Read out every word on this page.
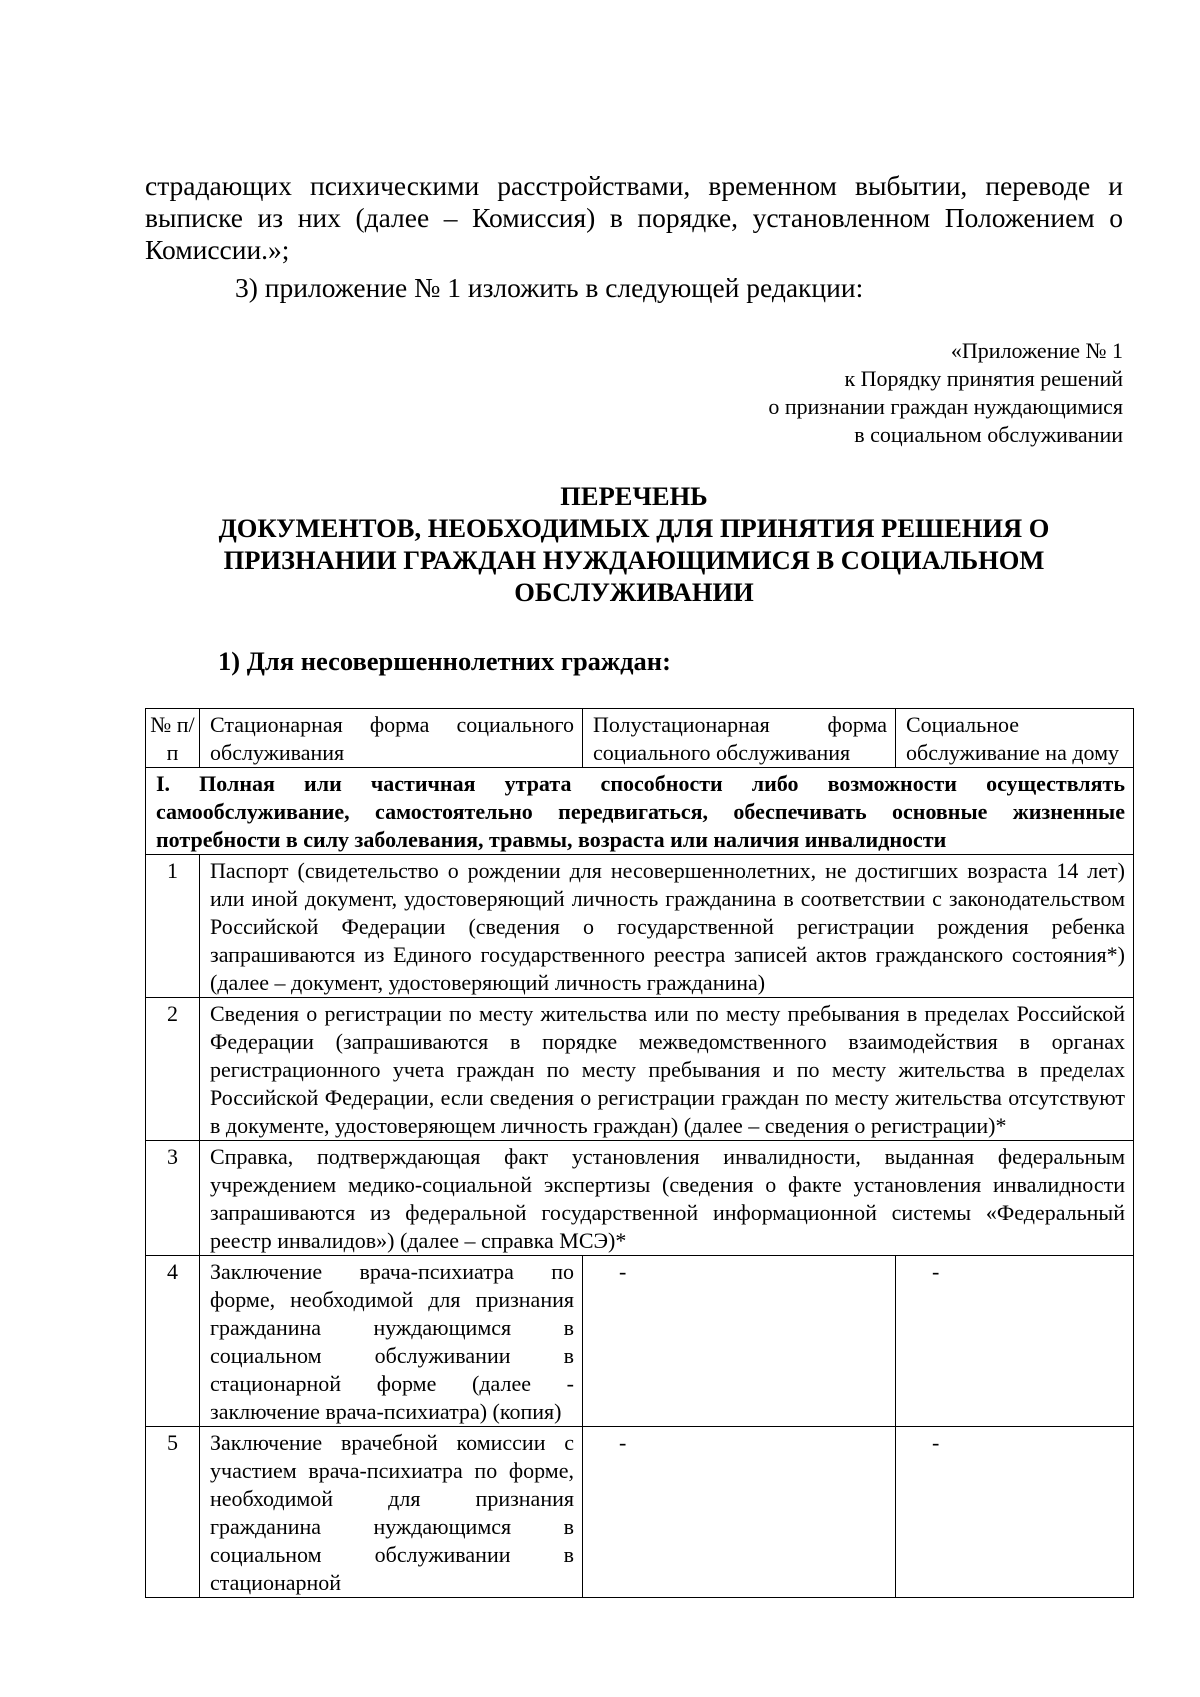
страдающих психическими расстройствами, временном выбытии, переводе и
выписке из них (далее – Комиссия) в порядке, установленном Положением о
Комиссии.»;
3) приложение № 1 изложить в следующей редакции:
«Приложение № 1
к Порядку принятия решений
о признании граждан нуждающимися
в социальном обслуживании
ПЕРЕЧЕНЬ
ДОКУМЕНТОВ, НЕОБХОДИМЫХ ДЛЯ ПРИНЯТИЯ РЕШЕНИЯ О
ПРИЗНАНИИ ГРАЖДАН НУЖДАЮЩИМИСЯ В СОЦИАЛЬНОМ
ОБСЛУЖИВАНИИ
1) Для несовершеннолетних граждан:
№ п/п	Стационарная форма социального обслуживания	Полустационарная форма социального обслуживания	Социальное обслуживание на дому
I. Полная или частичная утрата способности либо возможности осуществлять самообслуживание, самостоятельно передвигаться, обеспечивать основные жизненные потребности в силу заболевания, травмы, возраста или наличия инвалидности			
1	Паспорт (свидетельство о рождении для несовершеннолетних, не достигших возраста 14 лет) или иной документ, удостоверяющий личность гражданина в соответствии с законодательством Российской Федерации (сведения о государственной регистрации рождения ребенка запрашиваются из Единого государственного реестра записей актов гражданского состояния*) (далее – документ, удостоверяющий личность гражданина)		
2	Сведения о регистрации по месту жительства или по месту пребывания в пределах Российской Федерации (запрашиваются в порядке межведомственного взаимодействия в органах регистрационного учета граждан по месту пребывания и по месту жительства в пределах Российской Федерации, если сведения о регистрации граждан по месту жительства отсутствуют в документе, удостоверяющем личность граждан) (далее – сведения о регистрации)*		
3	Справка, подтверждающая факт установления инвалидности, выданная федеральным учреждением медико-социальной экспертизы (сведения о факте установления инвалидности запрашиваются из федеральной государственной информационной системы «Федеральный реестр инвалидов») (далее – справка МСЭ)*		
4	Заключение врача-психиатра по форме, необходимой для признания гражданина нуждающимся в социальном обслуживании в стационарной форме (далее - заключение врача-психиатра) (копия)	-	-
5	Заключение врачебной комиссии с участием врача-психиатра по форме, необходимой для признания гражданина нуждающимся в социальном обслуживании в стационарной	-	-
